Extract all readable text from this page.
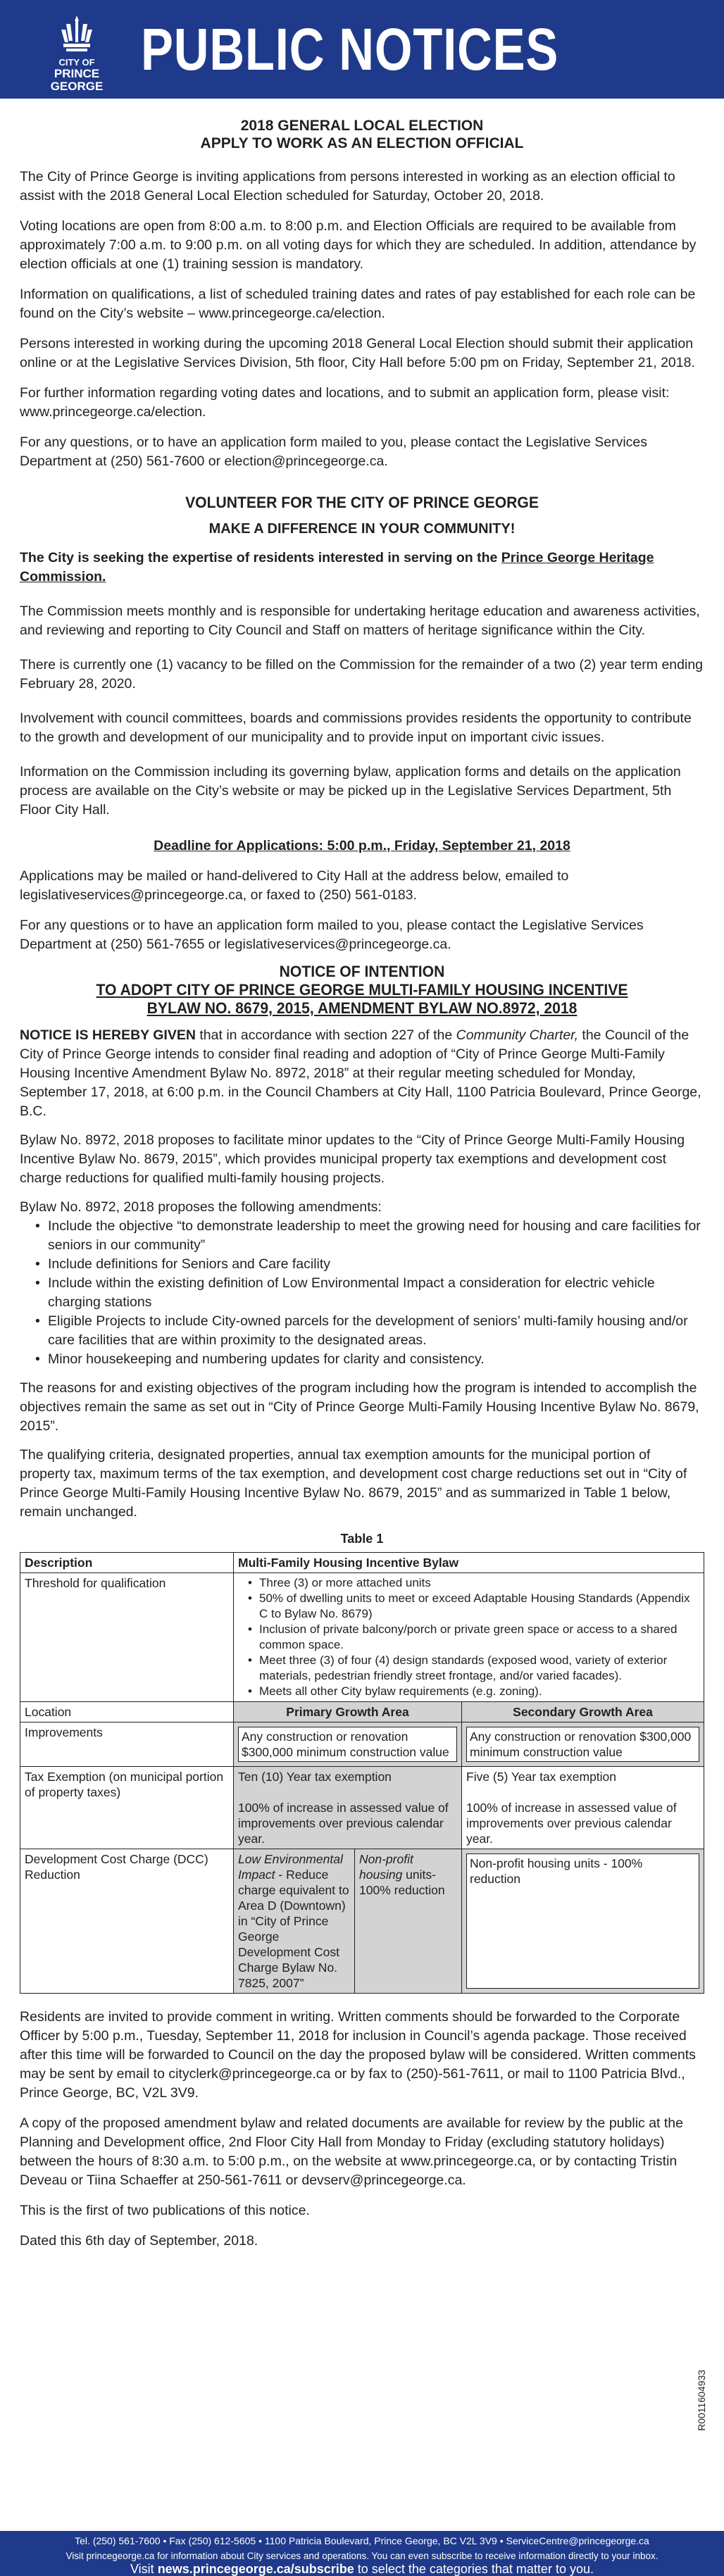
CITY OF
PRINCE GEORGE
PUBLIC NOTICES
2018 GENERAL LOCAL ELECTION
APPLY TO WORK AS AN ELECTION OFFICIAL

The City of Prince George is inviting applications from persons interested in working as an election official to assist with the 2018 General Local Election scheduled for Saturday, October 20, 2018.

Voting locations are open from 8:00 a.m. to 8:00 p.m. and Election Officials are required to be available from approximately 7:00 a.m. to 9:00 p.m. on all voting days for which they are scheduled. In addition, attendance by election officials at one (1) training session is mandatory.

Information on qualifications, a list of scheduled training dates and rates of pay established for each role can be found on the City’s website – www.princegeorge.ca/election.

Persons interested in working during the upcoming 2018 General Local Election should submit their application online or at the Legislative Services Division, 5th floor, City Hall before 5:00 pm on Friday, September 21, 2018.

For further information regarding voting dates and locations, and to submit an application form, please visit: www.princegeorge.ca/election.

For any questions, or to have an application form mailed to you, please contact the Legislative Services Department at (250) 561-7600 or election@princegeorge.ca.

VOLUNTEER FOR THE CITY OF PRINCE GEORGE
MAKE A DIFFERENCE IN YOUR COMMUNITY!

The City is seeking the expertise of residents interested in serving on the Prince George Heritage Commission.

The Commission meets monthly and is responsible for undertaking heritage education and awareness activities, and reviewing and reporting to City Council and Staff on matters of heritage significance within the City.

There is currently one (1) vacancy to be filled on the Commission for the remainder of a two (2) year term ending February 28, 2020.

Involvement with council committees, boards and commissions provides residents the opportunity to contribute to the growth and development of our municipality and to provide input on important civic issues.

Information on the Commission including its governing bylaw, application forms and details on the application process are available on the City’s website or may be picked up in the Legislative Services Department, 5th Floor City Hall.

Deadline for Applications: 5:00 p.m., Friday, September 21, 2018

Applications may be mailed or hand-delivered to City Hall at the address below, emailed to legislativeservices@princegeorge.ca, or faxed to (250) 561-0183.

For any questions or to have an application form mailed to you, please contact the Legislative Services Department at (250) 561-7655 or legislativeservices@princegeorge.ca.

NOTICE OF INTENTION
TO ADOPT CITY OF PRINCE GEORGE MULTI-FAMILY HOUSING INCENTIVE
BYLAW NO. 8679, 2015, AMENDMENT BYLAW NO.8972, 2018

NOTICE IS HEREBY GIVEN that in accordance with section 227 of the Community Charter, the Council of the City of Prince George intends to consider final reading and adoption of “City of Prince George Multi-Family Housing Incentive Amendment Bylaw No. 8972, 2018” at their regular meeting scheduled for Monday, September 17, 2018, at 6:00 p.m. in the Council Chambers at City Hall, 1100 Patricia Boulevard, Prince George, B.C.

Bylaw No. 8972, 2018 proposes to facilitate minor updates to the “City of Prince George Multi-Family Housing Incentive Bylaw No. 8679, 2015”, which provides municipal property tax exemptions and development cost charge reductions for qualified multi-family housing projects.

Bylaw No. 8972, 2018 proposes the following amendments:

• Include the objective “to demonstrate leadership to meet the growing need for housing and care facilities for seniors in our community”
• Include definitions for Seniors and Care facility
• Include within the existing definition of Low Environmental Impact a consideration for electric vehicle charging stations
• Eligible Projects to include City-owned parcels for the development of seniors’ multi-family housing and/or care facilities that are within proximity to the designated areas.
• Minor housekeeping and numbering updates for clarity and consistency.

The reasons for and existing objectives of the program including how the program is intended to accomplish the objectives remain the same as set out in “City of Prince George Multi-Family Housing Incentive Bylaw No. 8679, 2015”.

The qualifying criteria, designated properties, annual tax exemption amounts for the municipal portion of property tax, maximum terms of the tax exemption, and development cost charge reductions set out in “City of Prince George Multi-Family Housing Incentive Bylaw No. 8679, 2015” and as summarized in Table 1 below, remain unchanged.

Table 1
Description	Multi-Family Housing Incentive Bylaw
Threshold for qualification
•	Three (3) or more attached units
• 50% of dwelling units to meet or exceed Adaptable Housing Standards (Appendix C to Bylaw No. 8679)
• Inclusion of private balcony/porch or private green space or access to a shared common space.
• Meet three (3) of four (4) design standards (exposed wood, variety of exterior materials, pedestrian friendly street frontage, and/or varied facades).
• Meets all other City bylaw requirements (e.g. zoning).
Location	Primary Growth Area	Secondary Growth Area
Improvements	Any construction or renovation $300,000 minimum construction value
Any construction or renovation $300,000 minimum construction value
Tax Exemption (on municipal portion of property taxes)
Ten (10) Year tax exemption
100% of increase in assessed value of improvements over previous calendar year.
Five (5) Year tax exemption
100% of increase in assessed value of improvements over previous calendar year.
Development Cost Charge (DCC) Reduction
Low Environmental Impact - Reduce charge equivalent to Area D (Downtown) in “City of Prince George Development Cost Charge Bylaw No. 7825, 2007”
Non-profit housing units- 100% reduction
Non-profit housing units - 100% reduction

Residents are invited to provide comment in writing. Written comments should be forwarded to the Corporate Officer by 5:00 p.m., Tuesday, September 11, 2018 for inclusion in Council’s agenda package. Those received after this time will be forwarded to Council on the day the proposed bylaw will be considered. Written comments may be sent by email to cityclerk@princegeorge.ca or by fax to (250)-561-7611, or mail to 1100 Patricia Blvd., Prince George, BC, V2L 3V9.

A copy of the proposed amendment bylaw and related documents are available for review by the public at the Planning and Development office, 2nd Floor City Hall from Monday to Friday (excluding statutory holidays) between the hours of 8:30 a.m. to 5:00 p.m., on the website at www.princegeorge.ca, or by contacting Tristin Deveau or Tiina Schaeffer at 250-561-7611 or devserv@princegeorge.ca.

This is the first of two publications of this notice.

Dated this 6th day of September, 2018.

R0011604933
Tel. (250) 561-7600 • Fax (250) 612-5605 • 1100 Patricia Boulevard, Prince George, BC V2L 3V9 • ServiceCentre@princegeorge.ca
Visit princegeorge.ca for information about City services and operations. You can even subscribe to receive information directly to your inbox.
Visit news.princegeorge.ca/subscribe to select the categories that matter to you.
